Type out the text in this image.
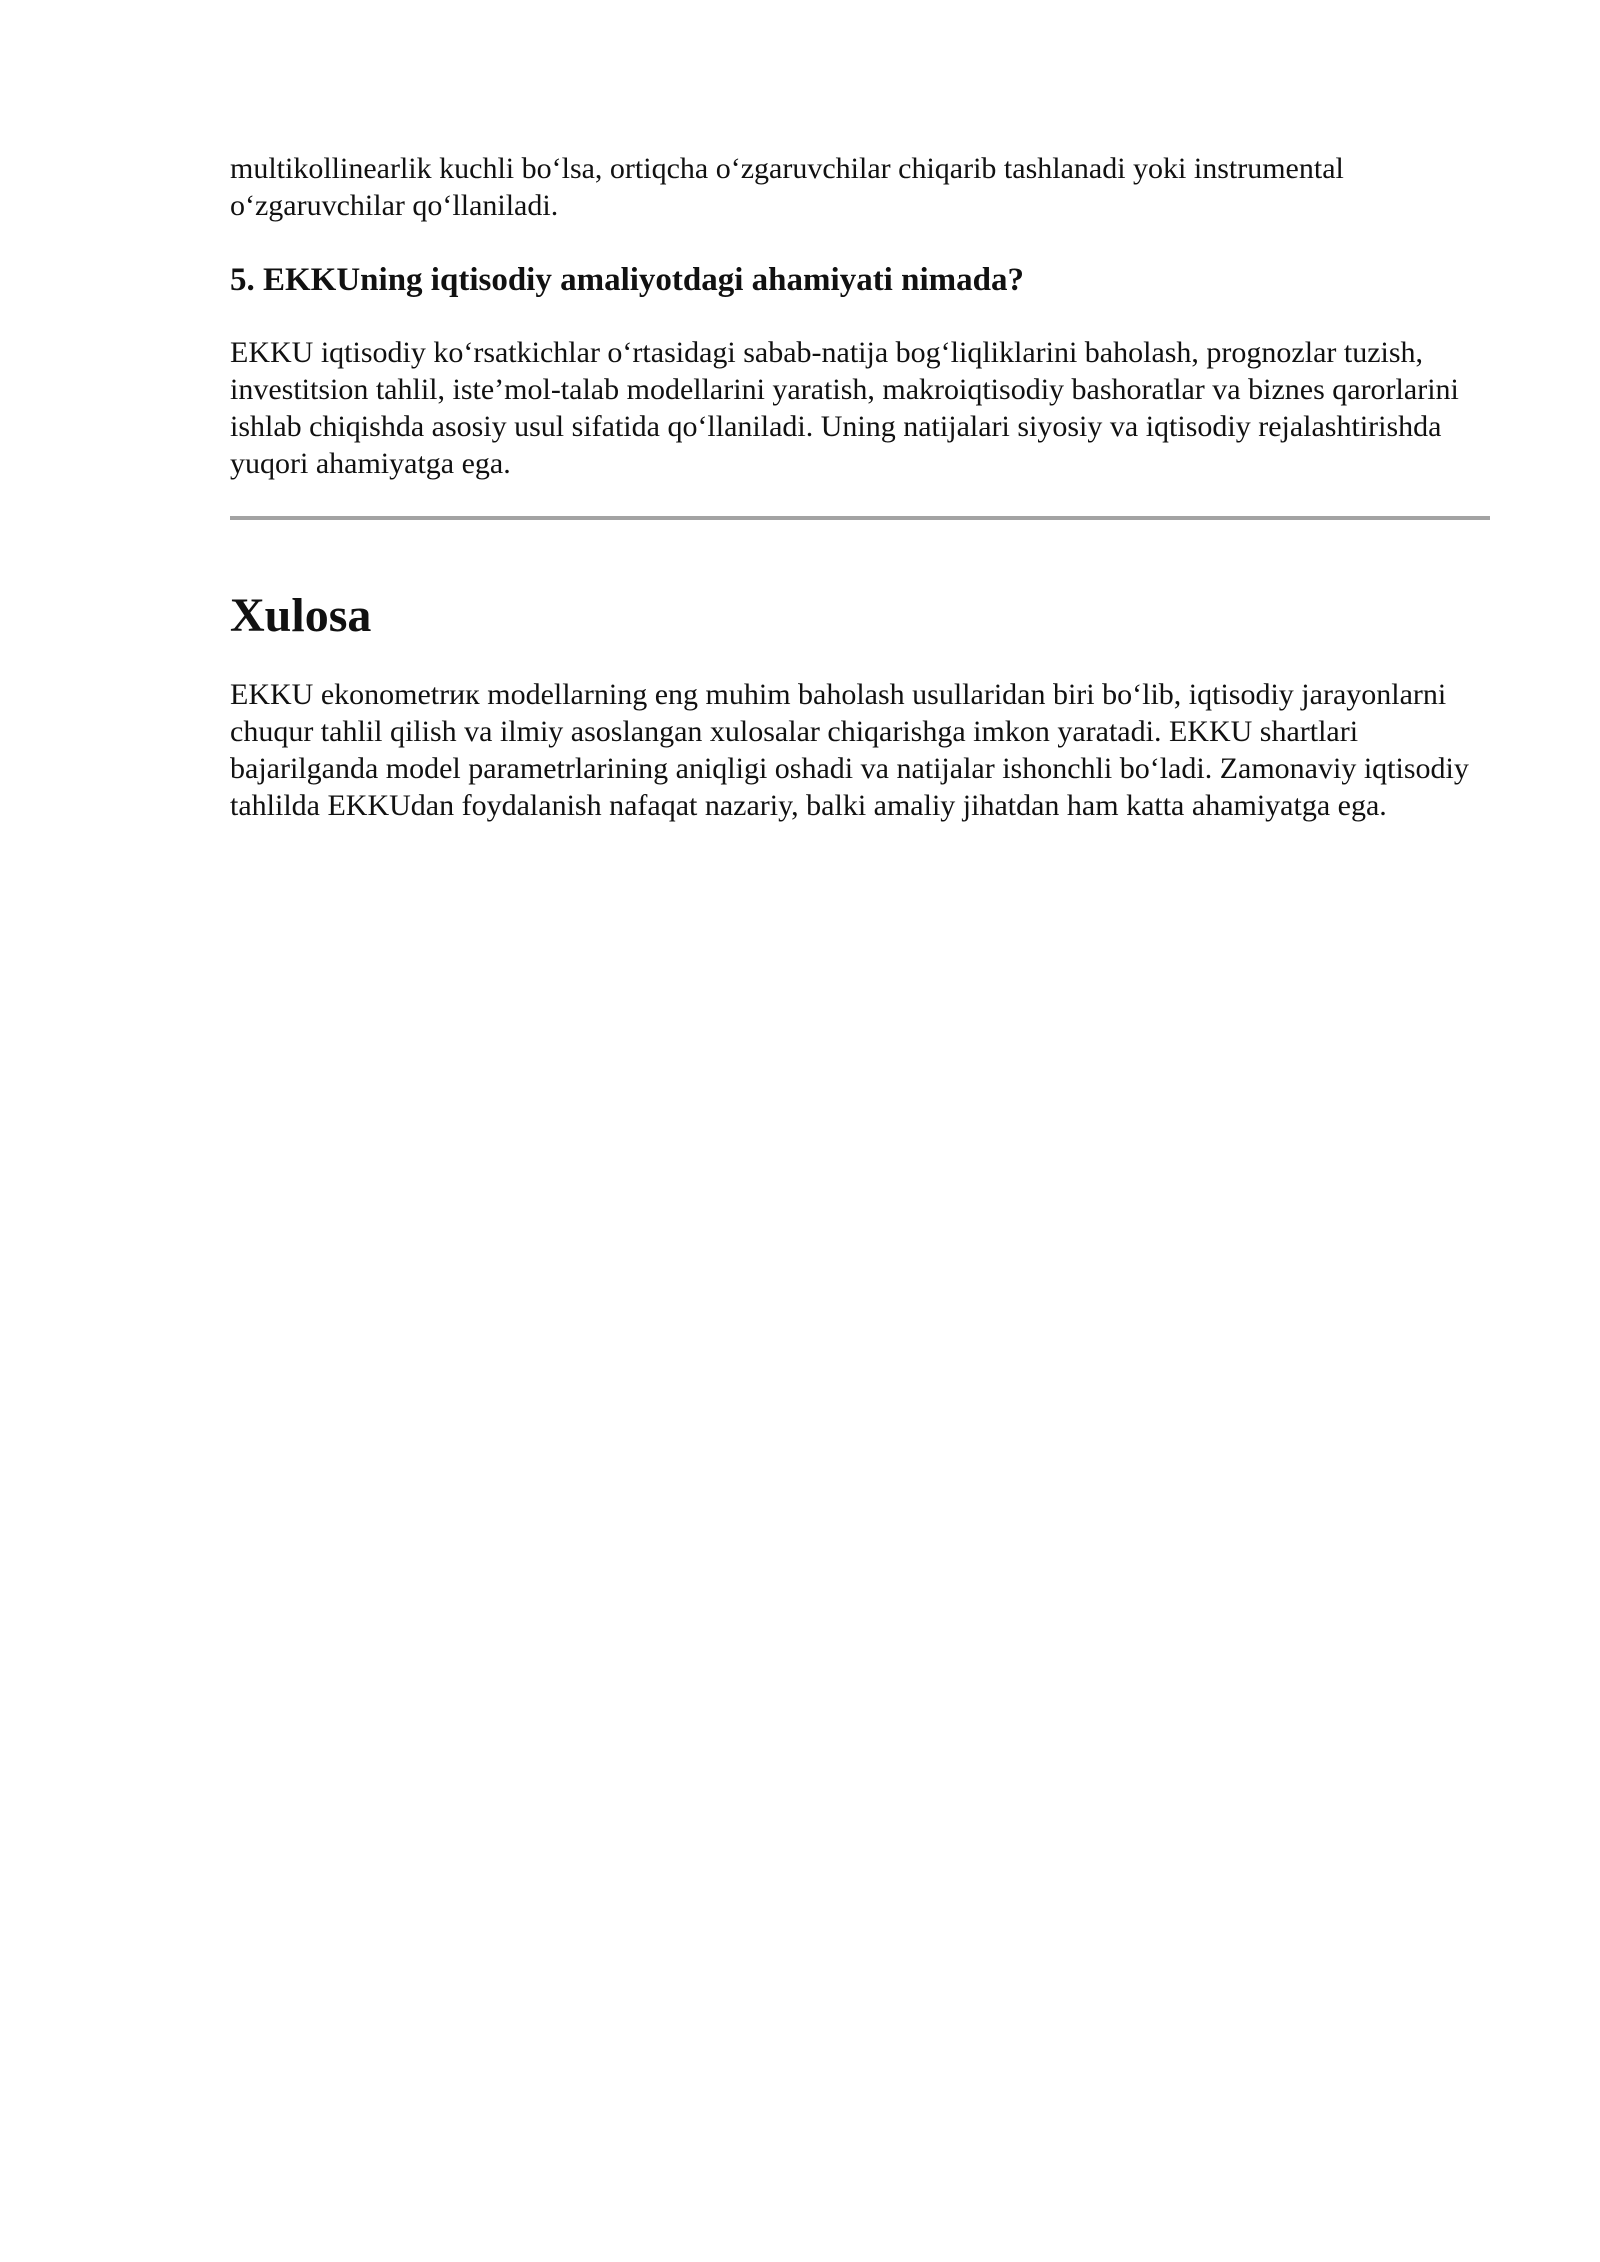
multikollinearlik kuchli bo‘lsa, ortiqcha o‘zgaruvchilar chiqarib tashlanadi yoki instrumental o‘zgaruvchilar qo‘llaniladi.

5. EKKUning iqtisodiy amaliyotdagi ahamiyati nimada?

EKKU iqtisodiy ko‘rsatkichlar o‘rtasidagi sabab-natija bog‘liqliklarini baholash, prognozlar tuzish, investitsion tahlil, iste’mol-talab modellarini yaratish, makroiqtisodiy bashoratlar va biznes qarorlarini ishlab chiqishda asosiy usul sifatida qo‘llaniladi. Uning natijalari siyosiy va iqtisodiy rejalashtirishda yuqori ahamiyatga ega.

Xulosa

EKKU ekonometrик modellarning eng muhim baholash usullaridan biri bo‘lib, iqtisodiy jarayonlarni chuqur tahlil qilish va ilmiy asoslangan xulosalar chiqarishga imkon yaratadi. EKKU shartlari bajarilganda model parametrlarining aniqligi oshadi va natijalar ishonchli bo‘ladi. Zamonaviy iqtisodiy tahlilda EKKUdan foydalanish nafaqat nazariy, balki amaliy jihatdan ham katta ahamiyatga ega.
